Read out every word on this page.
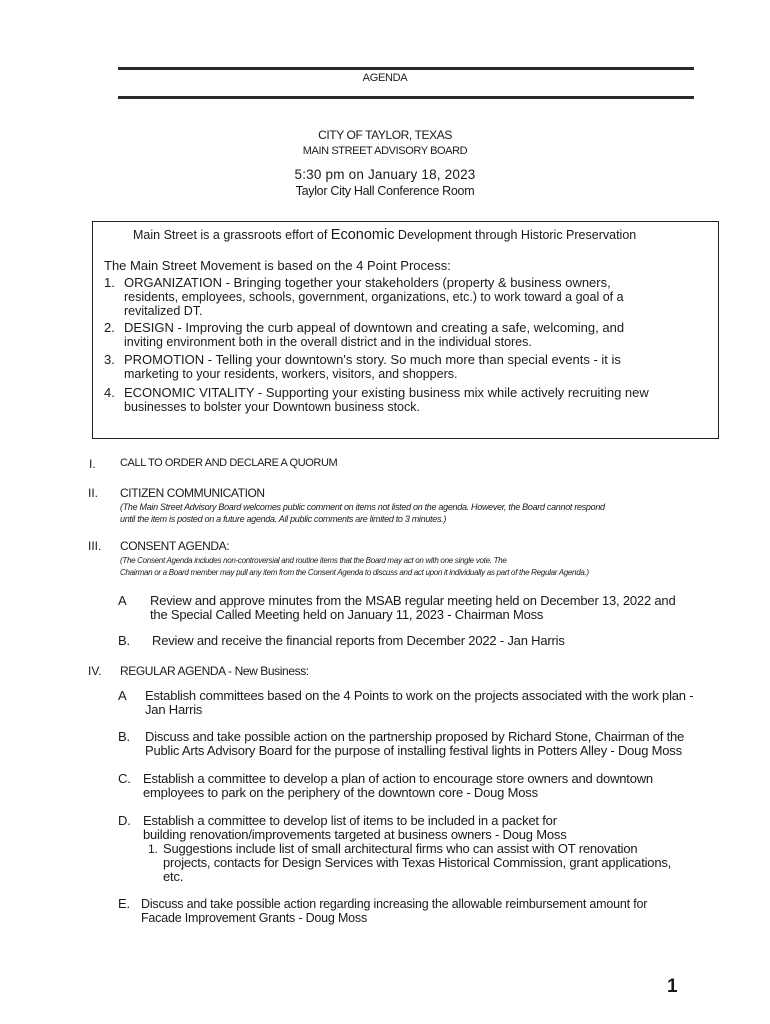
AGENDA
CITY OF TAYLOR, TEXAS
MAIN STREET ADVISORY BOARD
5:30 pm on January 18, 2023
Taylor City Hall Conference Room
Main Street is a grassroots effort of Economic Development through Historic Preservation
The Main Street Movement is based on the 4 Point Process:
1. ORGANIZATION - Bringing together your stakeholders (property & business owners,
residents, employees, schools, government, organizations, etc.) to work toward a goal of a
revitalized DT.
2. DESIGN - Improving the curb appeal of downtown and creating a safe, welcoming, and
inviting environment both in the overall district and in the individual stores.
3. PROMOTION - Telling your downtown's story. So much more than special events - it is
marketing to your residents, workers, visitors, and shoppers.
4. ECONOMIC VITALITY - Supporting your existing business mix while actively recruiting new
businesses to bolster your Downtown business stock.
I. CALL TO ORDER AND DECLARE A QUORUM
II. CITIZEN COMMUNICATION
(The Main Street Advisory Board welcomes public comment on items not listed on the agenda. However, the Board cannot respond
until the item is posted on a future agenda. All public comments are limited to 3 minutes.)
III. CONSENT AGENDA:
(The Consent Agenda includes non-controversial and routine items that the Board may act on with one single vote. The
Chairman or a Board member may pull any item from the Consent Agenda to discuss and act upon it individually as part of the Regular Agenda.)
A Review and approve minutes from the MSAB regular meeting held on December 13, 2022 and
the Special Called Meeting held on January 11, 2023 - Chairman Moss
B. Review and receive the financial reports from December 2022 - Jan Harris
IV. REGULAR AGENDA - New Business:
A Establish committees based on the 4 Points to work on the projects associated with the work plan -
Jan Harris
B. Discuss and take possible action on the partnership proposed by Richard Stone, Chairman of the
Public Arts Advisory Board for the purpose of installing festival lights in Potters Alley - Doug Moss
C. Establish a committee to develop a plan of action to encourage store owners and downtown
employees to park on the periphery of the downtown core - Doug Moss
D. Establish a committee to develop list of items to be included in a packet for
building renovation/improvements targeted at business owners - Doug Moss
1. Suggestions include list of small architectural firms who can assist with OT renovation
projects, contacts for Design Services with Texas Historical Commission, grant applications,
etc.
E. Discuss and take possible action regarding increasing the allowable reimbursement amount for
Facade Improvement Grants - Doug Moss
1
